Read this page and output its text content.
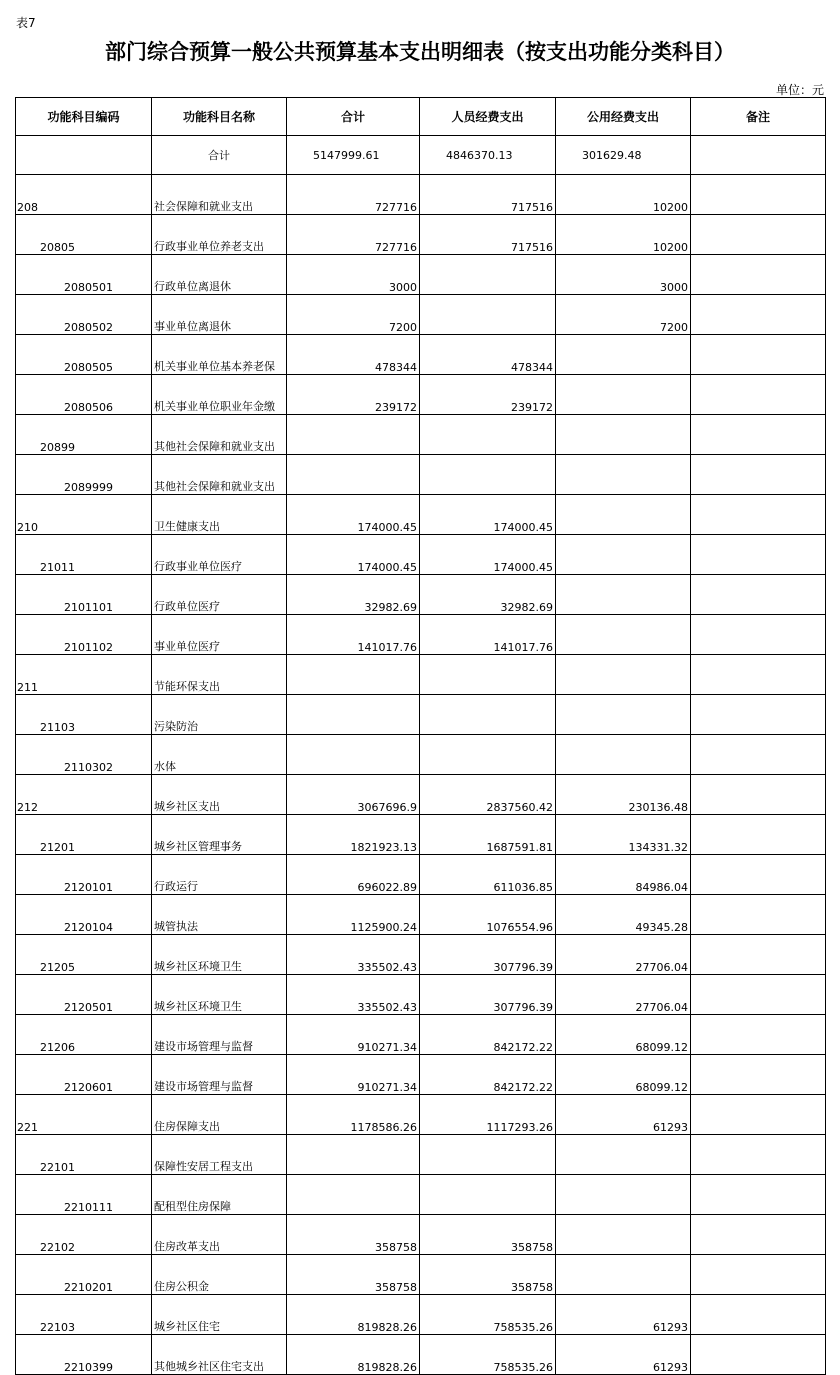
表7
部门综合预算一般公共预算基本支出明细表（按支出功能分类科目）
单位：元
功能科目编码	功能科目名称	合计	人员经费支出	公用经费支出	备注
	合计	5147999.61	4846370.13	301629.48	
208	社会保障和就业支出	727716	717516	10200	
20805	行政事业单位养老支出	727716	717516	10200	
2080501	行政单位离退休	3000		3000	
2080502	事业单位离退休	7200		7200	
2080505	机关事业单位基本养老保	478344	478344		
2080506	机关事业单位职业年金缴	239172	239172		
20899	其他社会保障和就业支出				
2089999	其他社会保障和就业支出				
210	卫生健康支出	174000.45	174000.45		
21011	行政事业单位医疗	174000.45	174000.45		
2101101	行政单位医疗	32982.69	32982.69		
2101102	事业单位医疗	141017.76	141017.76		
211	节能环保支出				
21103	污染防治				
2110302	水体				
212	城乡社区支出	3067696.9	2837560.42	230136.48	
21201	城乡社区管理事务	1821923.13	1687591.81	134331.32	
2120101	行政运行	696022.89	611036.85	84986.04	
2120104	城管执法	1125900.24	1076554.96	49345.28	
21205	城乡社区环境卫生	335502.43	307796.39	27706.04	
2120501	城乡社区环境卫生	335502.43	307796.39	27706.04	
21206	建设市场管理与监督	910271.34	842172.22	68099.12	
2120601	建设市场管理与监督	910271.34	842172.22	68099.12	
221	住房保障支出	1178586.26	1117293.26	61293	
22101	保障性安居工程支出				
2210111	配租型住房保障				
22102	住房改革支出	358758	358758		
2210201	住房公积金	358758	358758		
22103	城乡社区住宅	819828.26	758535.26	61293	
2210399	其他城乡社区住宅支出	819828.26	758535.26	61293	
